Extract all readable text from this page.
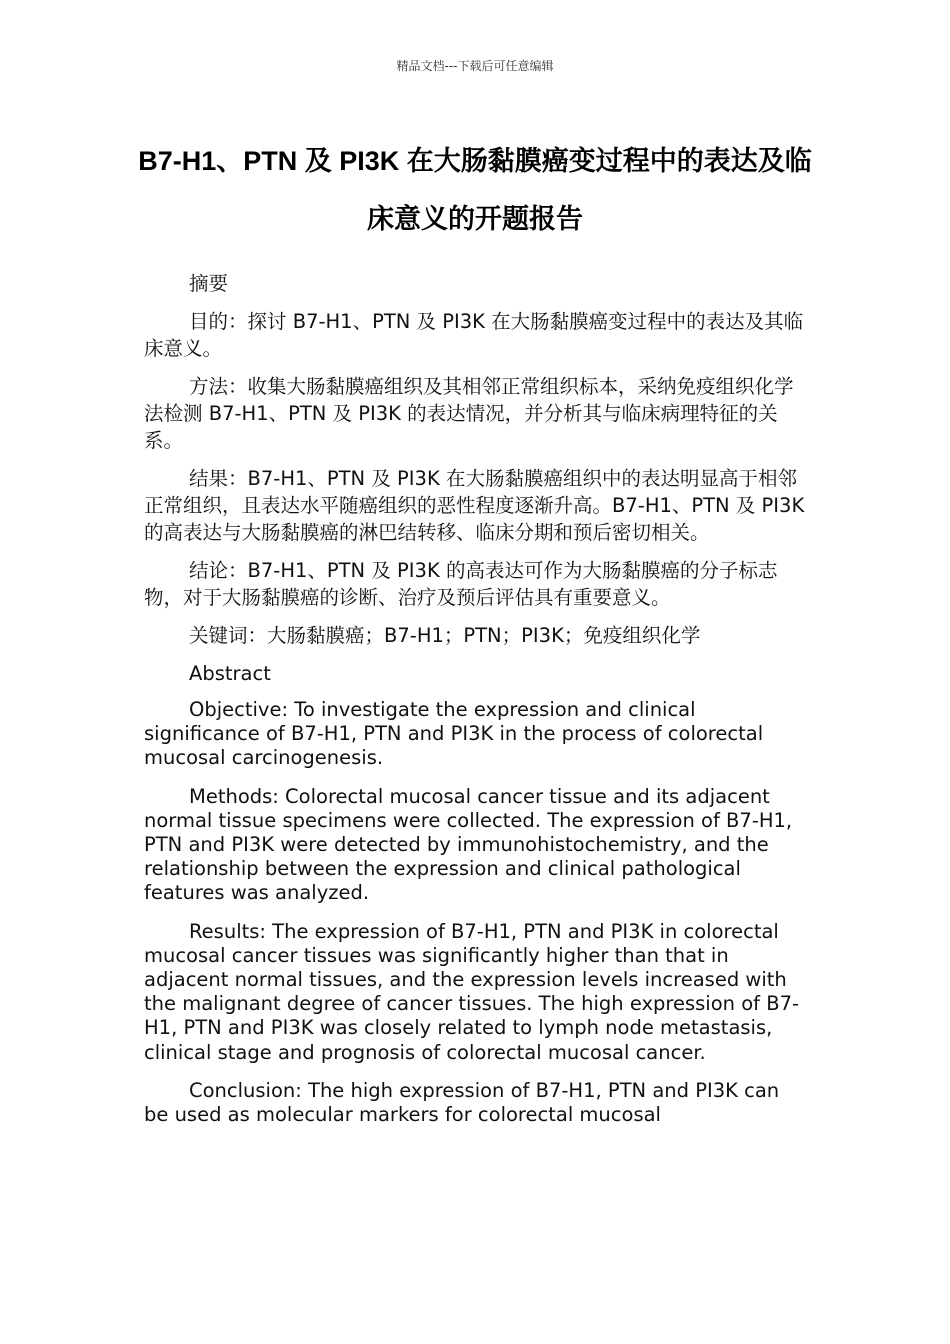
精品文档---下载后可任意编辑
B7-H1、PTN 及 PI3K 在大肠黏膜癌变过程中的表达及临床意义的开题报告

摘要

目的：探讨 B7-H1、PTN 及 PI3K 在大肠黏膜癌变过程中的表达及其临床意义。

方法：收集大肠黏膜癌组织及其相邻正常组织标本，采纳免疫组织化学法检测 B7-H1、PTN 及 PI3K 的表达情况，并分析其与临床病理特征的关系。

结果：B7-H1、PTN 及 PI3K 在大肠黏膜癌组织中的表达明显高于相邻正常组织，且表达水平随癌组织的恶性程度逐渐升高。B7-H1、PTN 及 PI3K 的高表达与大肠黏膜癌的淋巴结转移、临床分期和预后密切相关。

结论：B7-H1、PTN 及 PI3K 的高表达可作为大肠黏膜癌的分子标志物，对于大肠黏膜癌的诊断、治疗及预后评估具有重要意义。

关键词：大肠黏膜癌；B7-H1；PTN；PI3K；免疫组织化学

Abstract

Objective: To investigate the expression and clinical significance of B7-H1, PTN and PI3K in the process of colorectal mucosal carcinogenesis.

Methods: Colorectal mucosal cancer tissue and its adjacent normal tissue specimens were collected. The expression of B7-H1, PTN and PI3K were detected by immunohistochemistry, and the relationship between the expression and clinical pathological features was analyzed.

Results: The expression of B7-H1, PTN and PI3K in colorectal mucosal cancer tissues was significantly higher than that in adjacent normal tissues, and the expression levels increased with the malignant degree of cancer tissues. The high expression of B7-H1, PTN and PI3K was closely related to lymph node metastasis, clinical stage and prognosis of colorectal mucosal cancer.

Conclusion: The high expression of B7-H1, PTN and PI3K can be used as molecular markers for colorectal mucosal
